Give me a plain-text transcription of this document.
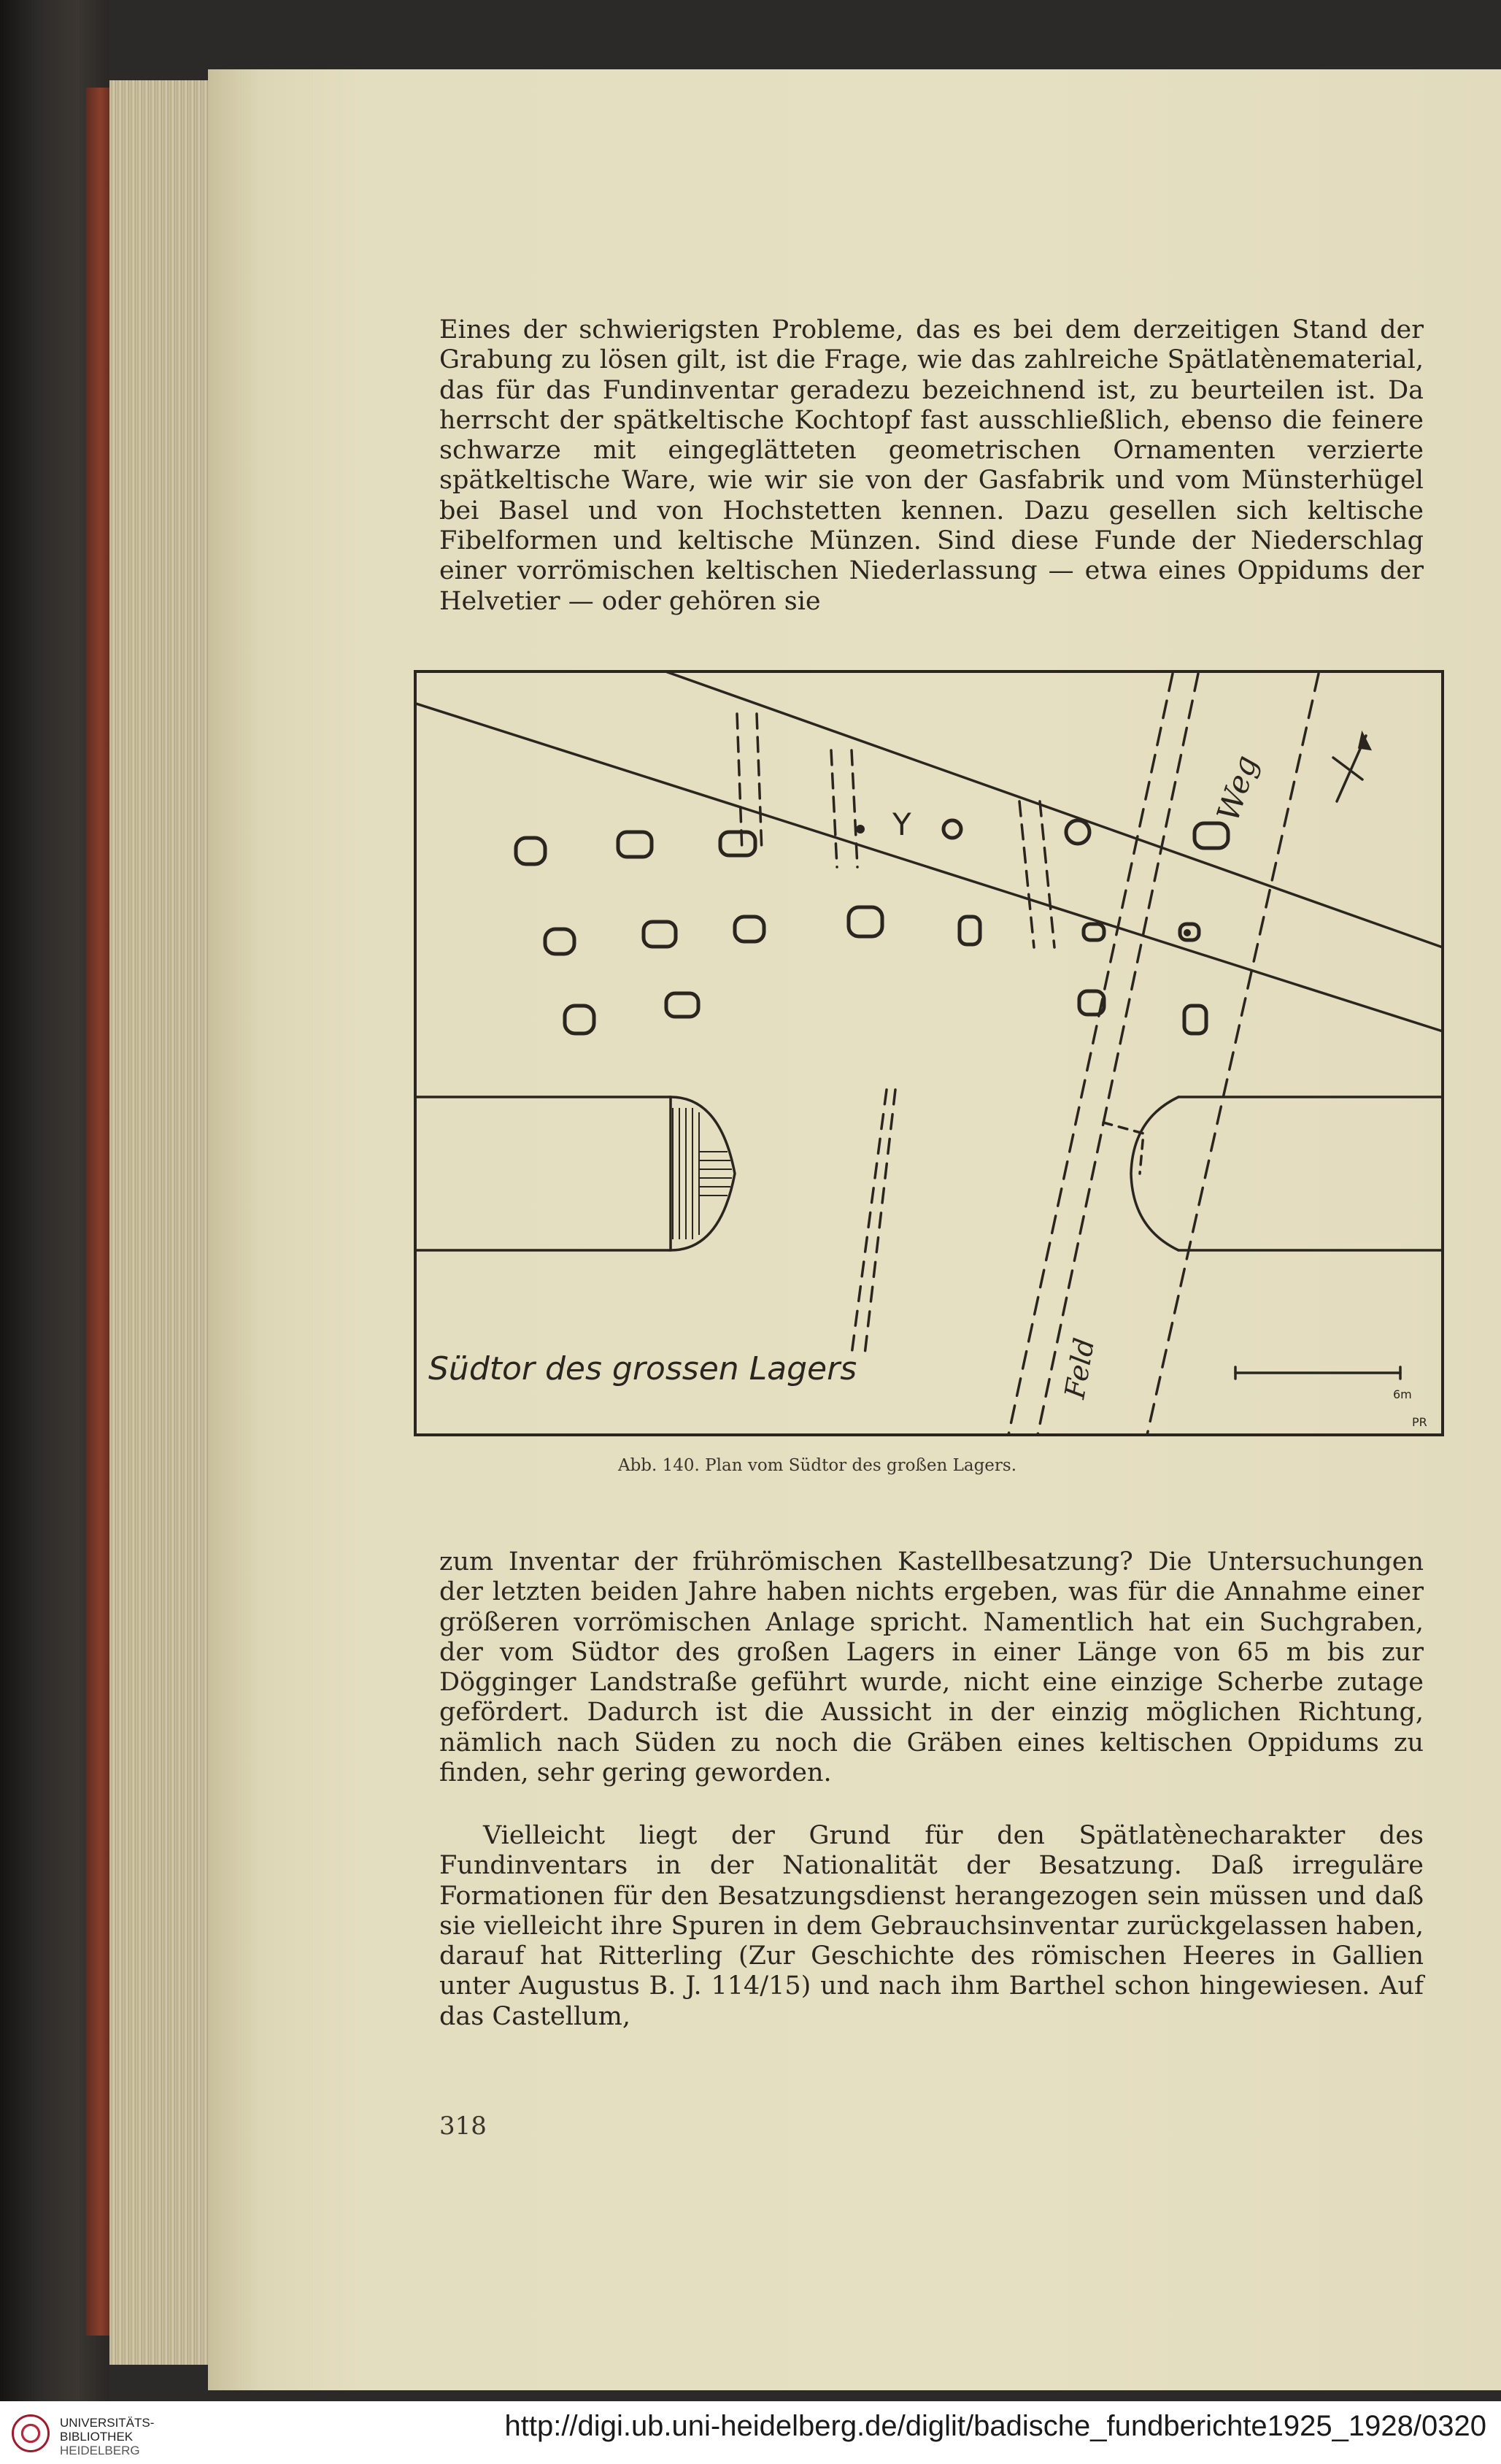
Eines der schwierigsten Probleme, das es bei dem derzeitigen Stand der Grabung zu lösen gilt, ist die Frage, wie das zahlreiche Spätlatènematerial, das für das Fundinventar geradezu bezeichnend ist, zu beurteilen ist. Da herrscht der spätkeltische Kochtopf fast ausschließlich, ebenso die feinere schwarze mit eingeglätteten geometrischen Ornamenten verzierte spätkeltische Ware, wie wir sie von der Gasfabrik und vom Münsterhügel bei Basel und von Hochstetten kennen. Dazu gesellen sich keltische Fibelformen und keltische Münzen. Sind diese Funde der Niederschlag einer vorrömischen keltischen Niederlassung — etwa eines Oppidums der Helvetier — oder gehören sie

Y	Weg
Feld
Südtor des grossen Lagers
6m
PR

Abb. 140. Plan vom Südtor des großen Lagers.

zum Inventar der frührömischen Kastellbesatzung? Die Untersuchungen der letzten beiden Jahre haben nichts ergeben, was für die Annahme einer größeren vorrömischen Anlage spricht. Namentlich hat ein Suchgraben, der vom Südtor des großen Lagers in einer Länge von 65 m bis zur Dögginger Landstraße geführt wurde, nicht eine einzige Scherbe zutage gefördert. Dadurch ist die Aussicht in der einzig möglichen Richtung, nämlich nach Süden zu noch die Gräben eines keltischen Oppidums zu finden, sehr gering geworden.

Vielleicht liegt der Grund für den Spätlatènecharakter des Fundinventars in der Nationalität der Besatzung. Daß irreguläre Formationen für den Besatzungsdienst herangezogen sein müssen und daß sie vielleicht ihre Spuren in dem Gebrauchsinventar zurückgelassen haben, darauf hat Ritterling (Zur Geschichte des römischen Heeres in Gallien unter Augustus B. J. 114/15) und nach ihm Barthel schon hingewiesen. Auf das Castellum,

318

UNIVERSITÄTS-
BIBLIOTHEK
HEIDELBERG

http://digi.ub.uni-heidelberg.de/diglit/badische_fundberichte1925_1928/0320
